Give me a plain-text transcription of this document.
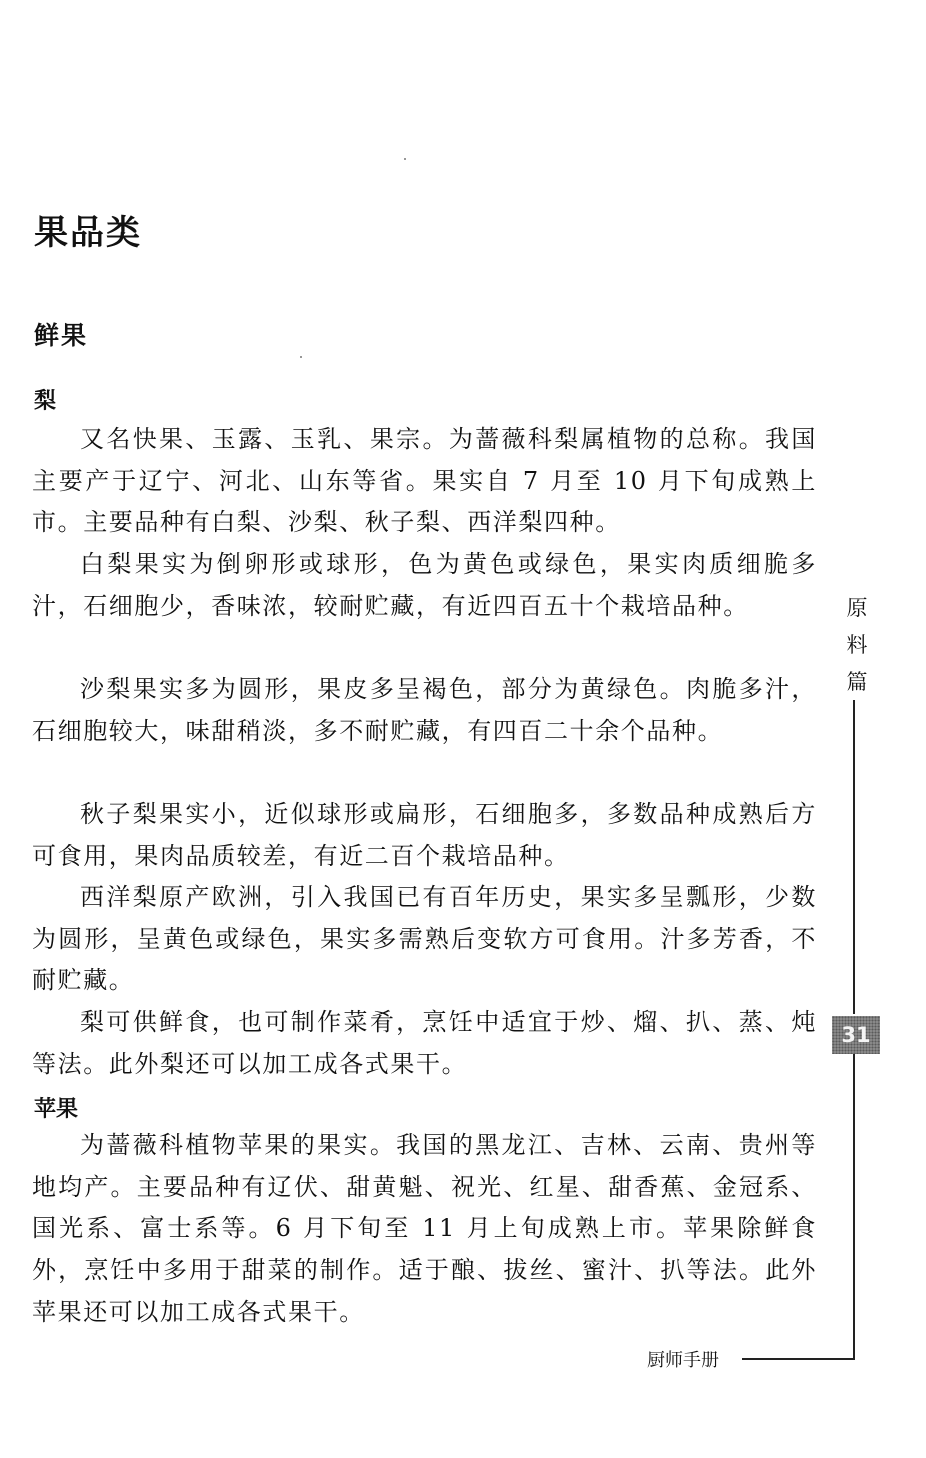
果品类
鲜果
梨

又名快果、玉露、玉乳、果宗。为蔷薇科梨属植物的总称。我国主要产于辽宁、河北、山东等省。果实自 7 月至 10 月下旬成熟上市。主要品种有白梨、沙梨、秋子梨、西洋梨四种。

白梨果实为倒卵形或球形，色为黄色或绿色，果实肉质细脆多汁，石细胞少，香味浓，较耐贮藏，有近四百五十个栽培品种。

沙梨果实多为圆形，果皮多呈褐色，部分为黄绿色。肉脆多汁，石细胞较大，味甜稍淡，多不耐贮藏，有四百二十余个品种。

秋子梨果实小，近似球形或扁形，石细胞多，多数品种成熟后方可食用，果肉品质较差，有近二百个栽培品种。

西洋梨原产欧洲，引入我国已有百年历史，果实多呈瓢形，少数为圆形，呈黄色或绿色，果实多需熟后变软方可食用。汁多芳香，不耐贮藏。

梨可供鲜食，也可制作菜肴，烹饪中适宜于炒、熘、扒、蒸、炖等法。此外梨还可以加工成各式果干。

苹果

为蔷薇科植物苹果的果实。我国的黑龙江、吉林、云南、贵州等地均产。主要品种有辽伏、甜黄魁、祝光、红星、甜香蕉、金冠系、国光系、富士系等。6 月下旬至 11 月上旬成熟上市。苹果除鲜食外，烹饪中多用于甜菜的制作。适于酿、拔丝、蜜汁、扒等法。此外苹果还可以加工成各式果干。

原
料
篇
31
厨师手册
